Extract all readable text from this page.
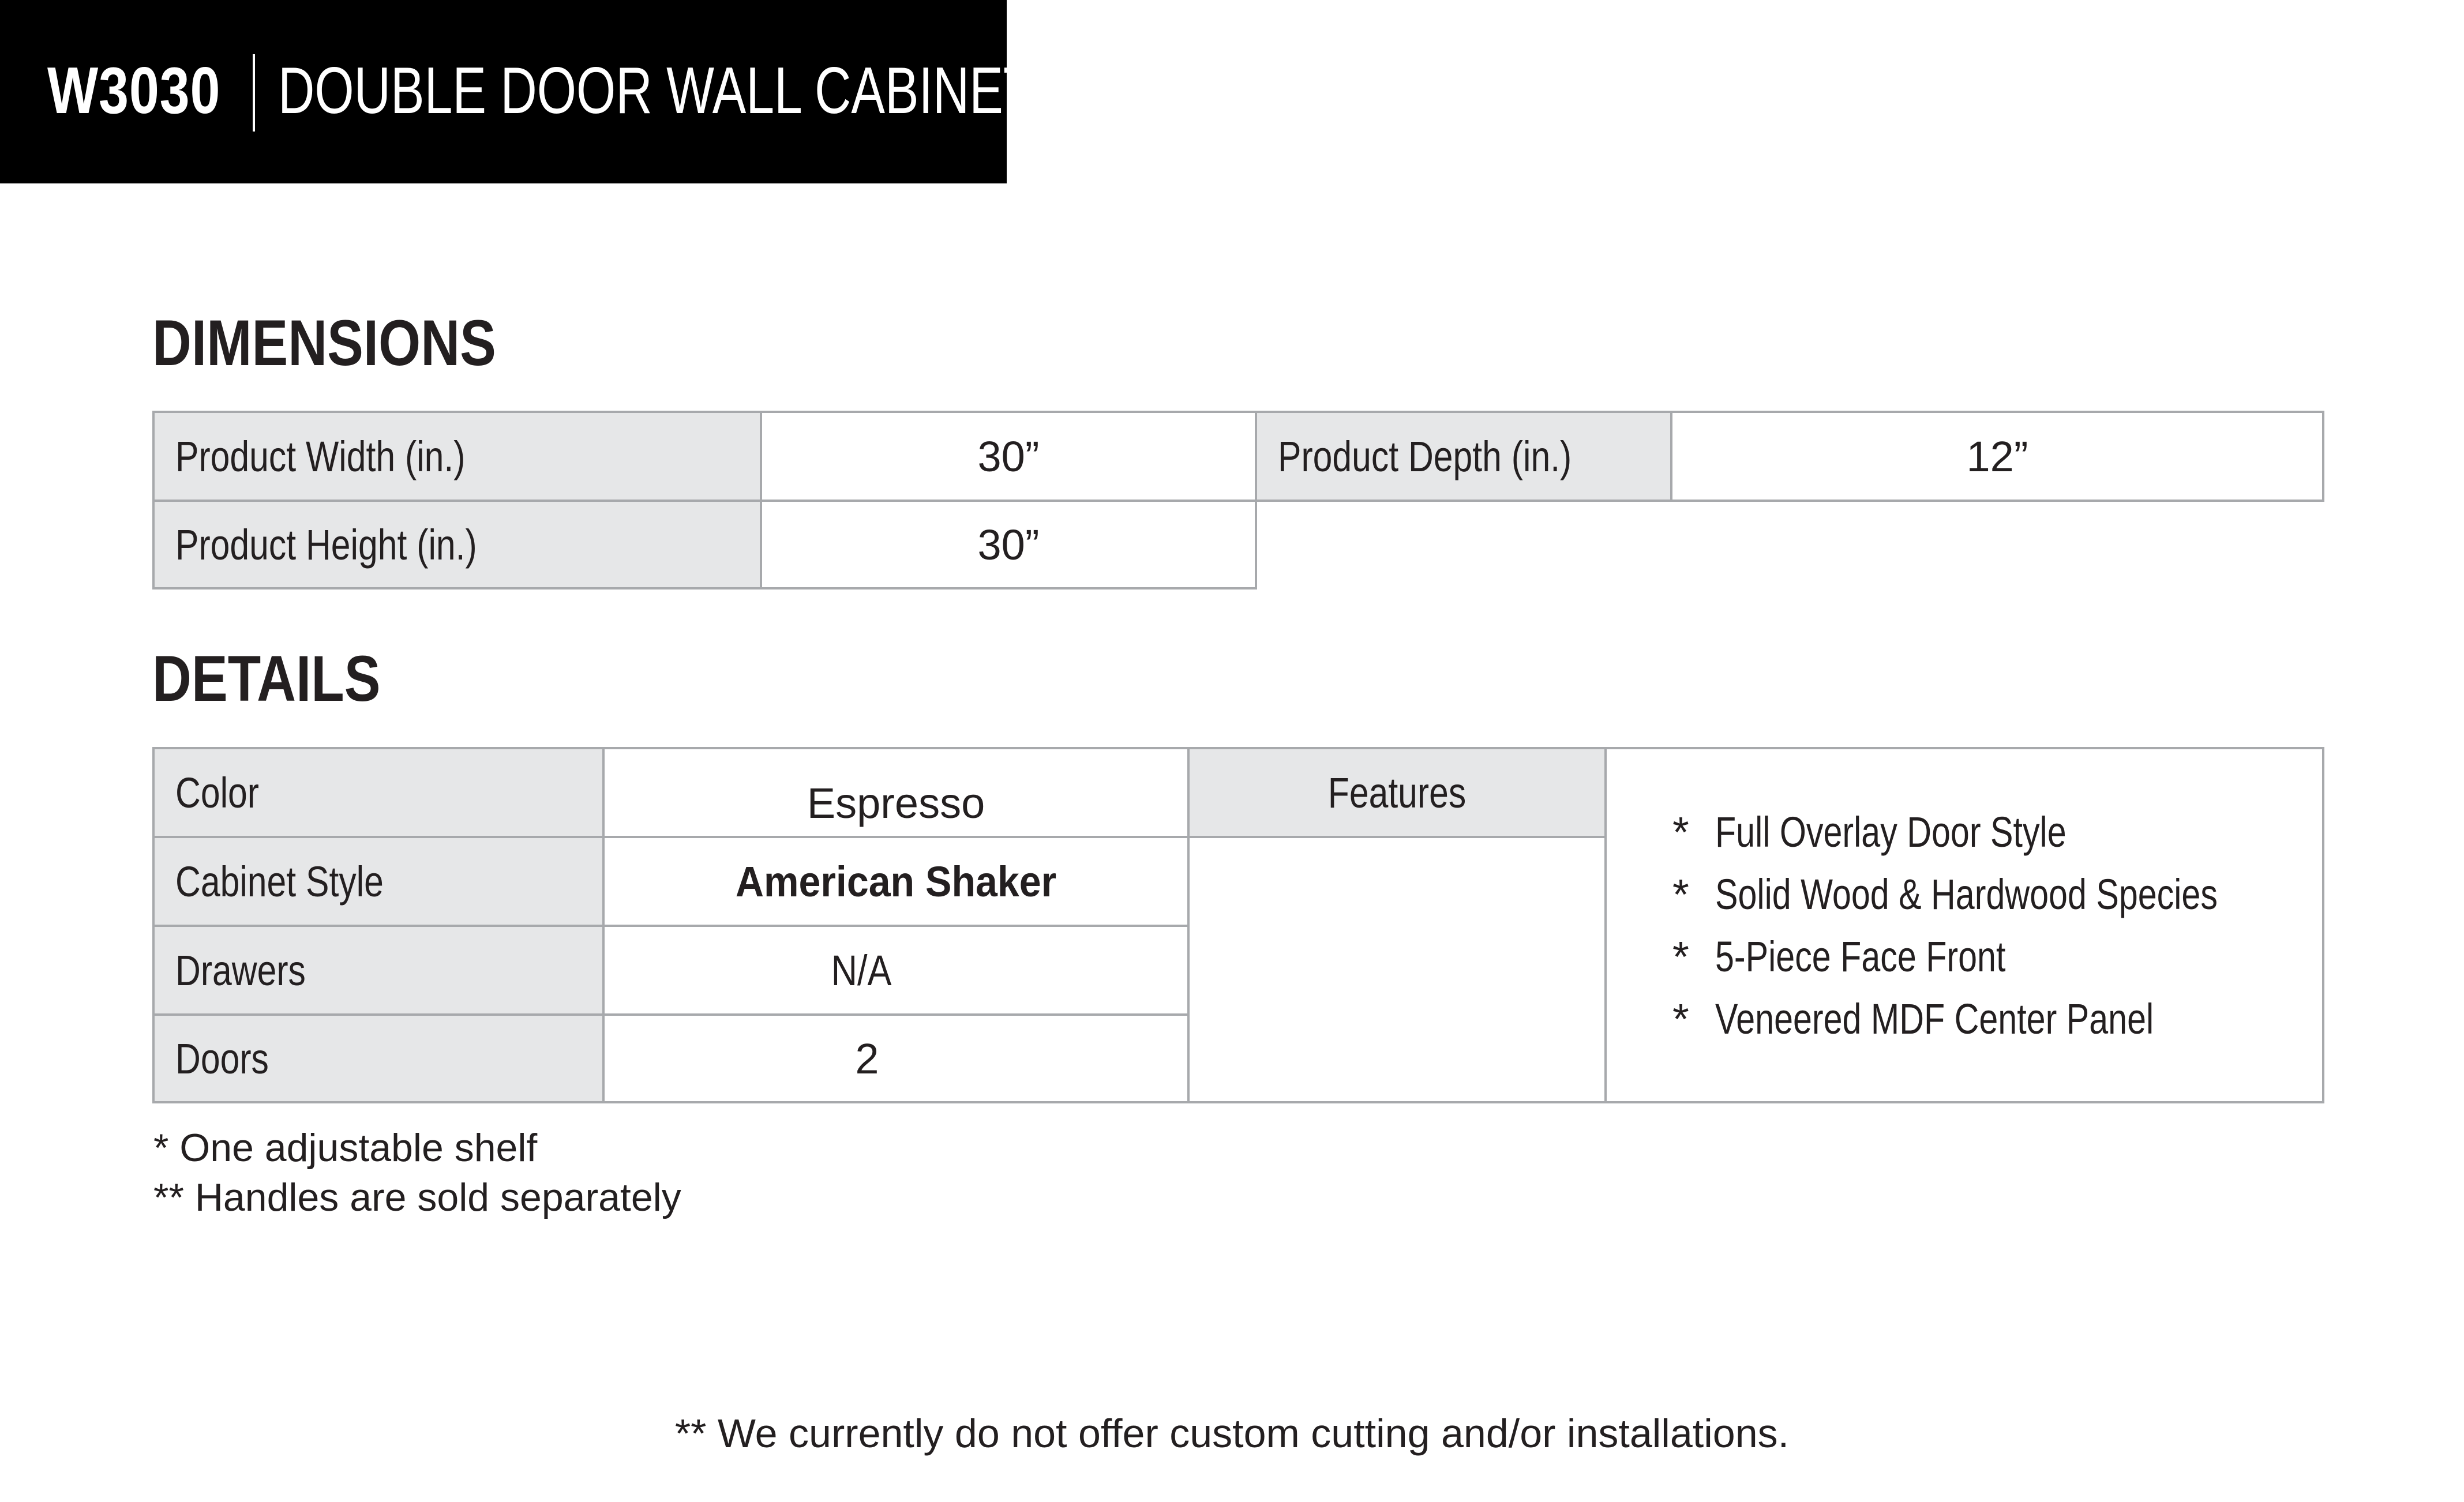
W3030 DOUBLE DOOR WALL CABINET
DIMENSIONS
Product Width (in.)	30”	Product Depth (in.)	12”
Product Height (in.)	30”
DETAILS
Color	Espresso
Cabinet Style	American Shaker
Drawers	N/A
Doors	2
Features
* Full Overlay Door Style
* Solid Wood & Hardwood Species
* 5-Piece Face Front
* Veneered MDF Center Panel
* One adjustable shelf
** Handles are sold separately
** We currently do not offer custom cutting and/or installations.
